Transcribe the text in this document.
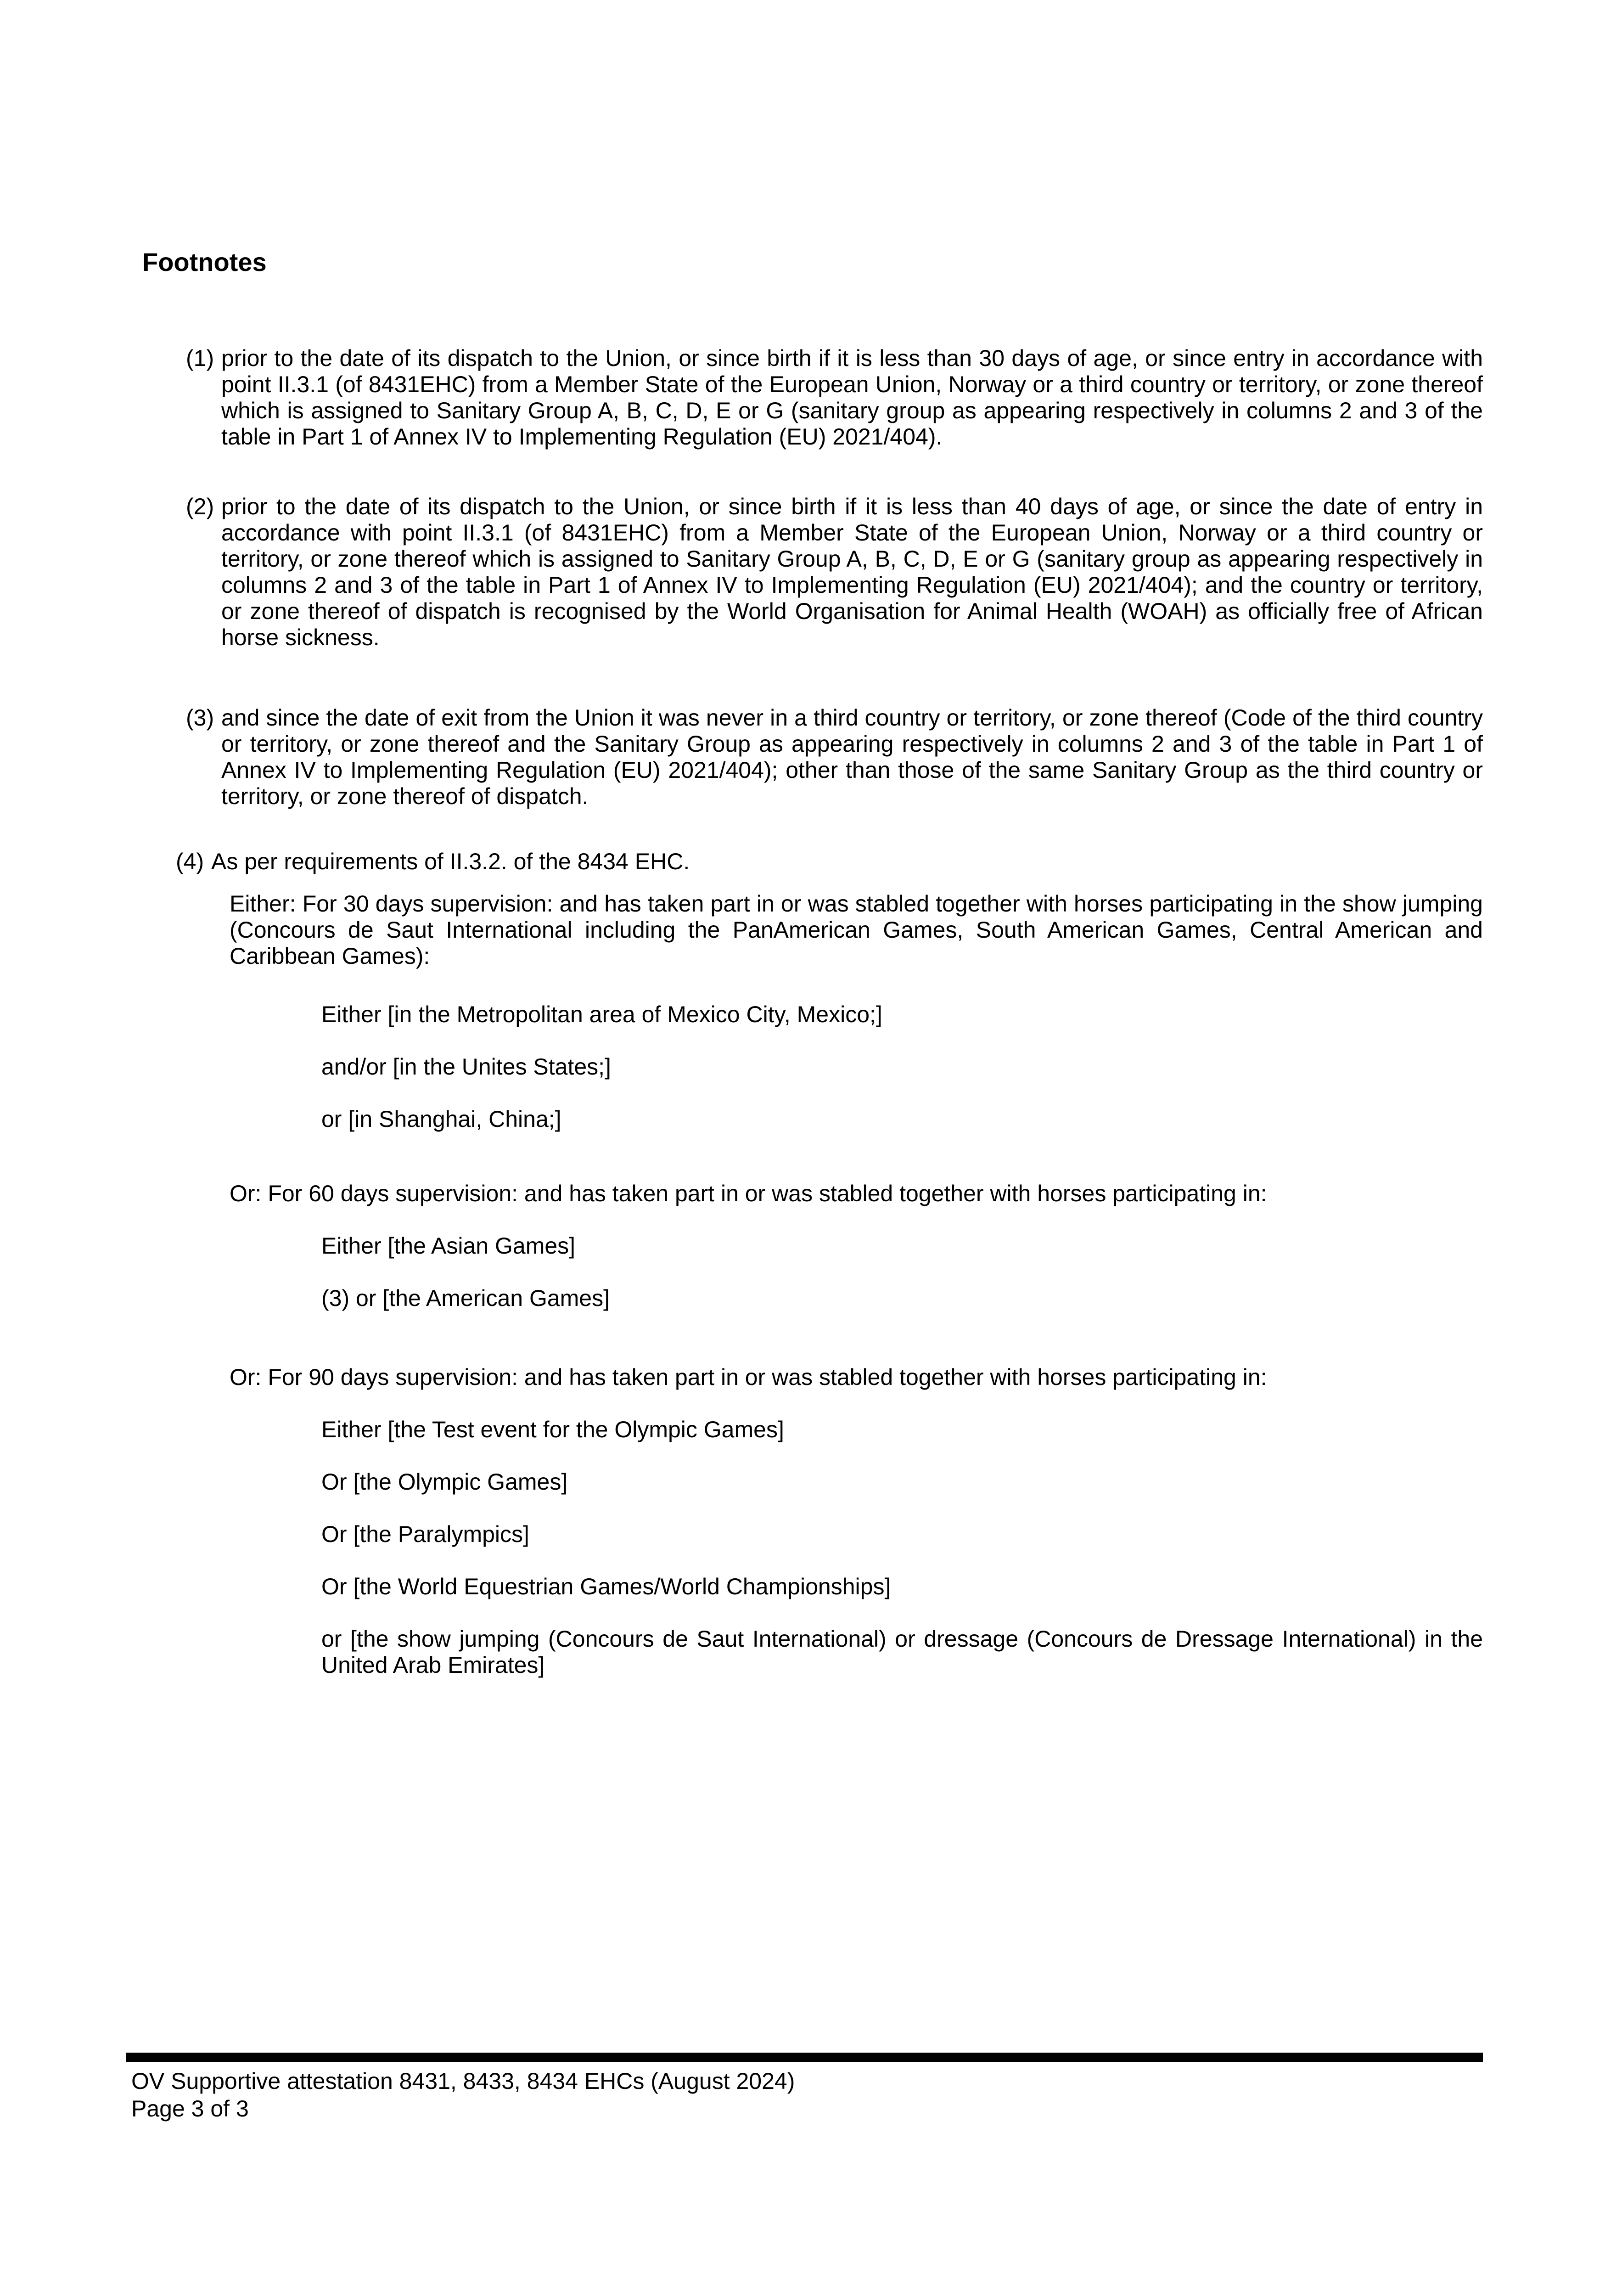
Footnotes

(1) prior to the date of its dispatch to the Union, or since birth if it is less than 30 days of age, or since entry in accordance with point II.3.1 (of 8431EHC) from a Member State of the European Union, Norway or a third country or territory, or zone thereof which is assigned to Sanitary Group A, B, C, D, E or G (sanitary group as appearing respectively in columns 2 and 3 of the table in Part 1 of Annex IV to Implementing Regulation (EU) 2021/404).

(2) prior to the date of its dispatch to the Union, or since birth if it is less than 40 days of age, or since the date of entry in accordance with point II.3.1 (of 8431EHC) from a Member State of the European Union, Norway or a third country or territory, or zone thereof which is assigned to Sanitary Group A, B, C, D, E or G (sanitary group as appearing respectively in columns 2 and 3 of the table in Part 1 of Annex IV to Implementing Regulation (EU) 2021/404); and the country or territory, or zone thereof of dispatch is recognised by the World Organisation for Animal Health (WOAH) as officially free of African horse sickness.

(3) and since the date of exit from the Union it was never in a third country or territory, or zone thereof (Code of the third country or territory, or zone thereof and the Sanitary Group as appearing respectively in columns 2 and 3 of the table in Part 1 of Annex IV to Implementing Regulation (EU) 2021/404); other than those of the same Sanitary Group as the third country or territory, or zone thereof of dispatch.

(4) As per requirements of II.3.2. of the 8434 EHC.

Either: For 30 days supervision: and has taken part in or was stabled together with horses participating in the show jumping (Concours de Saut International including the PanAmerican Games, South American Games, Central American and Caribbean Games):

Either [in the Metropolitan area of Mexico City, Mexico;]

and/or [in the Unites States;]

or [in Shanghai, China;]

Or: For 60 days supervision: and has taken part in or was stabled together with horses participating in:

Either [the Asian Games]

(3) or [the American Games]

Or: For 90 days supervision: and has taken part in or was stabled together with horses participating in:

Either [the Test event for the Olympic Games]

Or [the Olympic Games]

Or [the Paralympics]

Or [the World Equestrian Games/World Championships]

or [the show jumping (Concours de Saut International) or dressage (Concours de Dressage International) in the United Arab Emirates]

OV Supportive attestation 8431, 8433, 8434 EHCs (August 2024)

Page 3 of 3
